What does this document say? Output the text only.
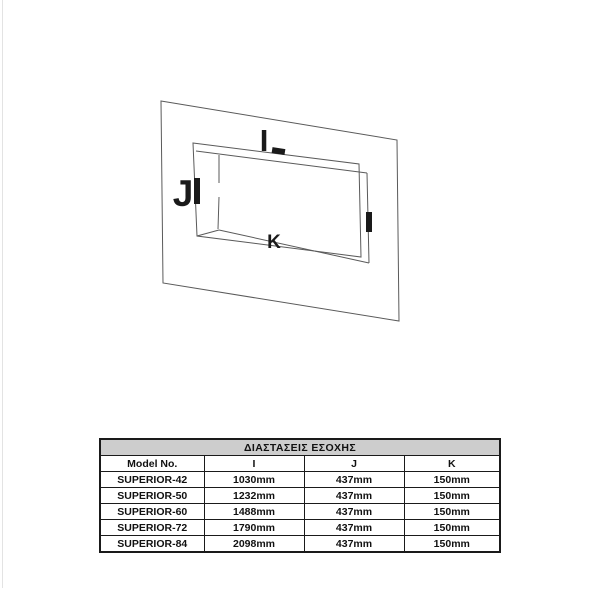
I
J
K
ΔΙΑΣΤΑΣΕΙΣ ΕΣΟΧΗΣ			
Model No.	I	J	K
SUPERIOR-42	1030mm	437mm	150mm
SUPERIOR-50	1232mm	437mm	150mm
SUPERIOR-60	1488mm	437mm	150mm
SUPERIOR-72	1790mm	437mm	150mm
SUPERIOR-84	2098mm	437mm	150mm
